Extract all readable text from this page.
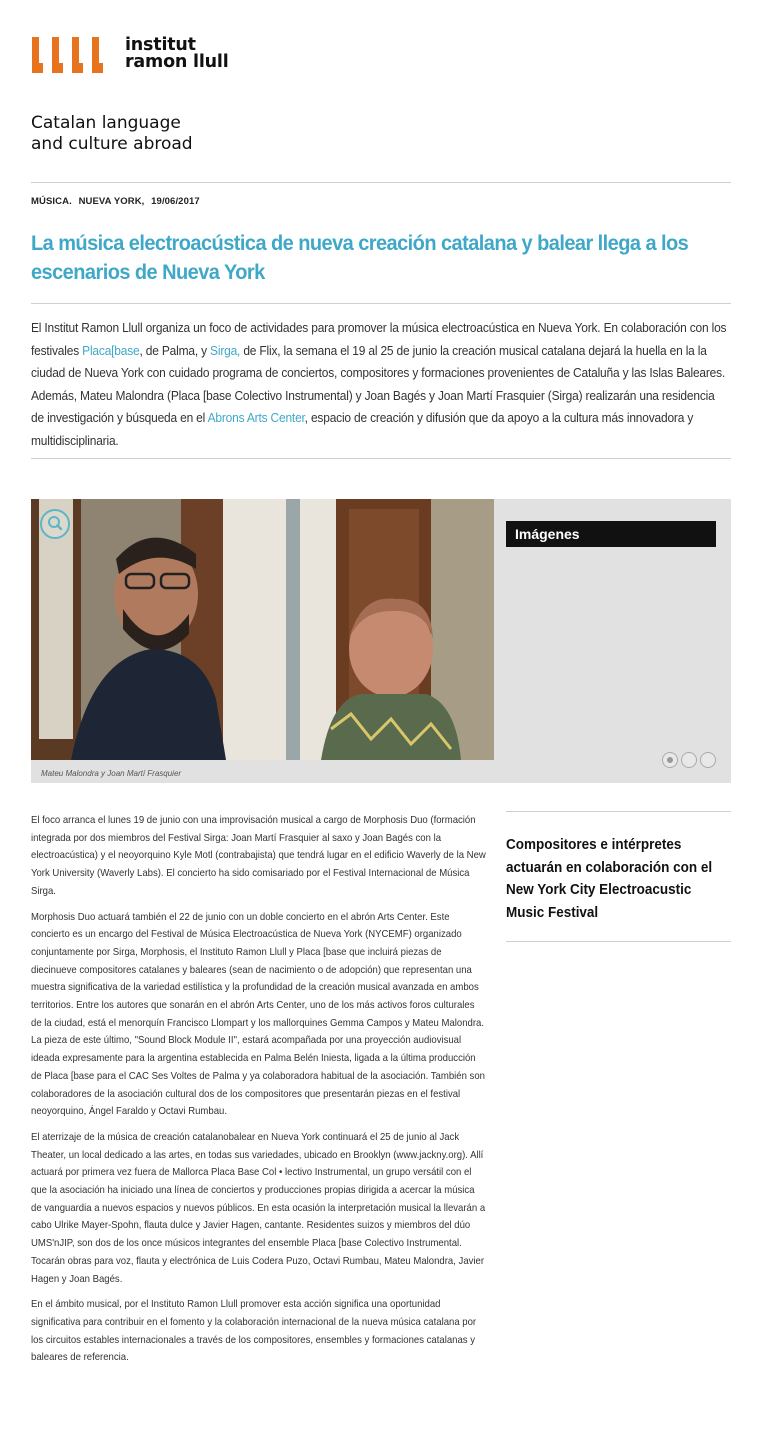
institut
ramon llull
Catalan language
and culture abroad
MÚSICA. NUEVA YORK, 19/06/2017
La música electroacústica de nueva creación catalana y balear llega a los escenarios de Nueva York

El Institut Ramon Llull organiza un foco de actividades para promover la música electroacústica en Nueva York. En colaboración con los festivales Placa[base, de Palma, y Sirga, de Flix, la semana el 19 al 25 de junio la creación musical catalana dejará la huella en la la ciudad de Nueva York con cuidado programa de conciertos, compositores y formaciones provenientes de Cataluña y las Islas Baleares. Además, Mateu Malondra (Placa [base Colectivo Instrumental) y Joan Bagés y Joan Martí Frasquier (Sirga) realizarán una residencia de investigación y búsqueda en el Abrons Arts Center, espacio de creación y difusión que da apoyo a la cultura más innovadora y multidisciplinaria.

Mateu Malondra y Joan Martí Frasquier
Imágenes

El foco arranca el lunes 19 de junio con una improvisación musical a cargo de Morphosis Duo (formación integrada por dos miembros del Festival Sirga: Joan Martí Frasquier al saxo y Joan Bagés con la electroacústica) y el neoyorquino Kyle Motl (contrabajista) que tendrá lugar en el edificio Waverly de la New York University (Waverly Labs). El concierto ha sido comisariado por el Festival Internacional de Música Sirga.

Morphosis Duo actuará también el 22 de junio con un doble concierto en el abrón Arts Center. Este concierto es un encargo del Festival de Música Electroacústica de Nueva York (NYCEMF) organizado conjuntamente por Sirga, Morphosis, el Instituto Ramon Llull y Placa [base que incluirá piezas de diecinueve compositores catalanes y baleares (sean de nacimiento o de adopción) que representan una muestra significativa de la variedad estilística y la profundidad de la creación musical avanzada en ambos territorios. Entre los autores que sonarán en el abrón Arts Center, uno de los más activos foros culturales de la ciudad, está el menorquín Francisco Llompart y los mallorquines Gemma Campos y Mateu Malondra. La pieza de este último, "Sound Block Module II", estará acompañada por una proyección audiovisual ideada expresamente para la argentina establecida en Palma Belén Iniesta, ligada a la última producción de Placa [base para el CAC Ses Voltes de Palma y ya colaboradora habitual de la asociación. También son colaboradores de la asociación cultural dos de los compositores que presentarán piezas en el festival neoyorquino, Ángel Faraldo y Octavi Rumbau.

El aterrizaje de la música de creación catalanobalear en Nueva York continuará el 25 de junio al Jack Theater, un local dedicado a las artes, en todas sus variedades, ubicado en Brooklyn (www.jackny.org). Allí actuará por primera vez fuera de Mallorca Placa Base Col • lectivo Instrumental, un grupo versátil con el que la asociación ha iniciado una línea de conciertos y producciones propias dirigida a acercar la música de vanguardia a nuevos espacios y nuevos públicos. En esta ocasión la interpretación musical la llevarán a cabo Ulrike Mayer-Spohn, flauta dulce y Javier Hagen, cantante. Residentes suizos y miembros del dúo UMS'nJIP, son dos de los once músicos integrantes del ensemble Placa [base Colectivo Instrumental. Tocarán obras para voz, flauta y electrónica de Luis Codera Puzo, Octavi Rumbau, Mateu Malondra, Javier Hagen y Joan Bagés.

En el ámbito musical, por el Instituto Ramon Llull promover esta acción significa una oportunidad significativa para contribuir en el fomento y la colaboración internacional de la nueva música catalana por los circuitos estables internacionales a través de los compositores, ensembles y formaciones catalanas y baleares de referencia.

Compositores e intérpretes actuarán en colaboración con el New York City Electroacustic Music Festival
